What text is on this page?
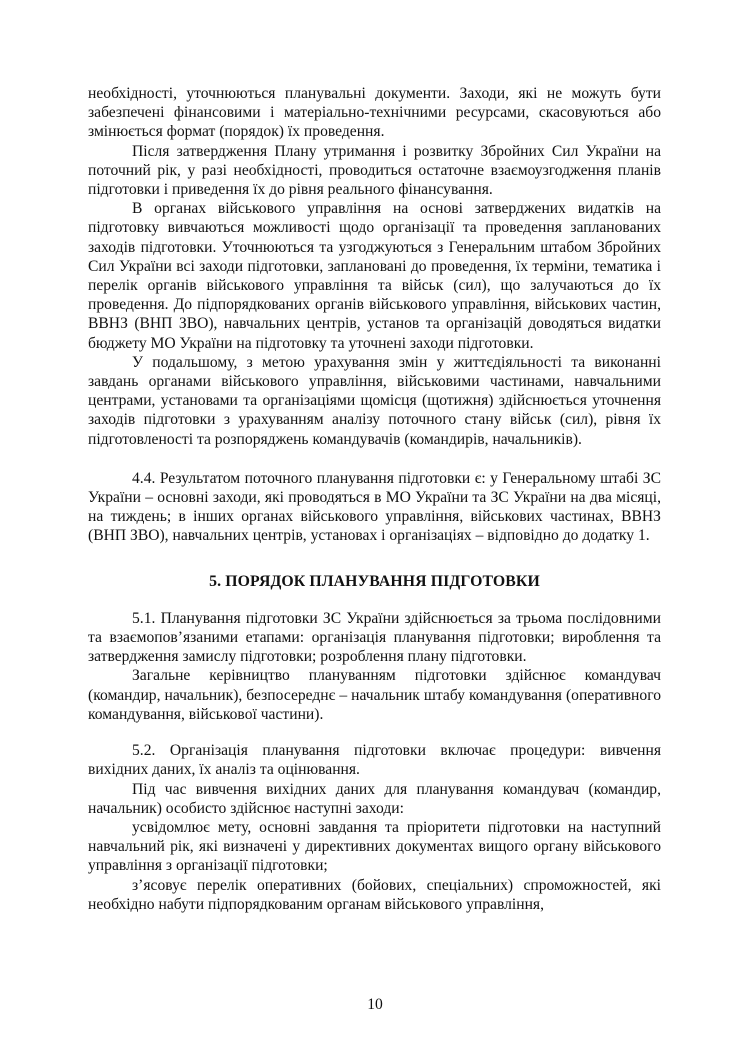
необхідності, уточнюються планувальні документи. Заходи, які не можуть бути забезпечені фінансовими і матеріально-технічними ресурсами, скасовуються або змінюється формат (порядок) їх проведення.

Після затвердження Плану утримання і розвитку Збройних Сил України на поточний рік, у разі необхідності, проводиться остаточне взаємоузгодження планів підготовки і приведення їх до рівня реального фінансування.

В органах військового управління на основі затверджених видатків на підготовку вивчаються можливості щодо організації та проведення запланованих заходів підготовки. Уточнюються та узгоджуються з Генеральним штабом Збройних Сил України всі заходи підготовки, заплановані до проведення, їх терміни, тематика і перелік органів військового управління та військ (сил), що залучаються до їх проведення. До підпорядкованих органів військового управління, військових частин, ВВНЗ (ВНП ЗВО), навчальних центрів, установ та організацій доводяться видатки бюджету МО України на підготовку та уточнені заходи підготовки.

У подальшому, з метою урахування змін у життєдіяльності та виконанні завдань органами військового управління, військовими частинами, навчальними центрами, установами та організаціями щомісця (щотижня) здійснюється уточнення заходів підготовки з урахуванням аналізу поточного стану військ (сил), рівня їх підготовленості та розпоряджень командувачів (командирів, начальників).

4.4. Результатом поточного планування підготовки є: у Генеральному штабі ЗС України – основні заходи, які проводяться в МО України та ЗС України на два місяці, на тиждень; в інших органах військового управління, військових частинах, ВВНЗ (ВНП ЗВО), навчальних центрів, установах і організаціях – відповідно до додатку 1.

5. ПОРЯДОК ПЛАНУВАННЯ ПІДГОТОВКИ

5.1. Планування підготовки ЗС України здійснюється за трьома послідовними та взаємопов’язаними етапами: організація планування підготовки; вироблення та затвердження замислу підготовки; розроблення плану підготовки.

Загальне керівництво плануванням підготовки здійснює командувач (командир, начальник), безпосереднє – начальник штабу командування (оперативного командування, військової частини).

5.2. Організація планування підготовки включає процедури: вивчення вихідних даних, їх аналіз та оцінювання.

Під час вивчення вихідних даних для планування командувач (командир, начальник) особисто здійснює наступні заходи:

усвідомлює мету, основні завдання та пріоритети підготовки на наступний навчальний рік, які визначені у директивних документах вищого органу військового управління з організації підготовки;

з’ясовує перелік оперативних (бойових, спеціальних) спроможностей, які необхідно набути підпорядкованим органам військового управління,

10
